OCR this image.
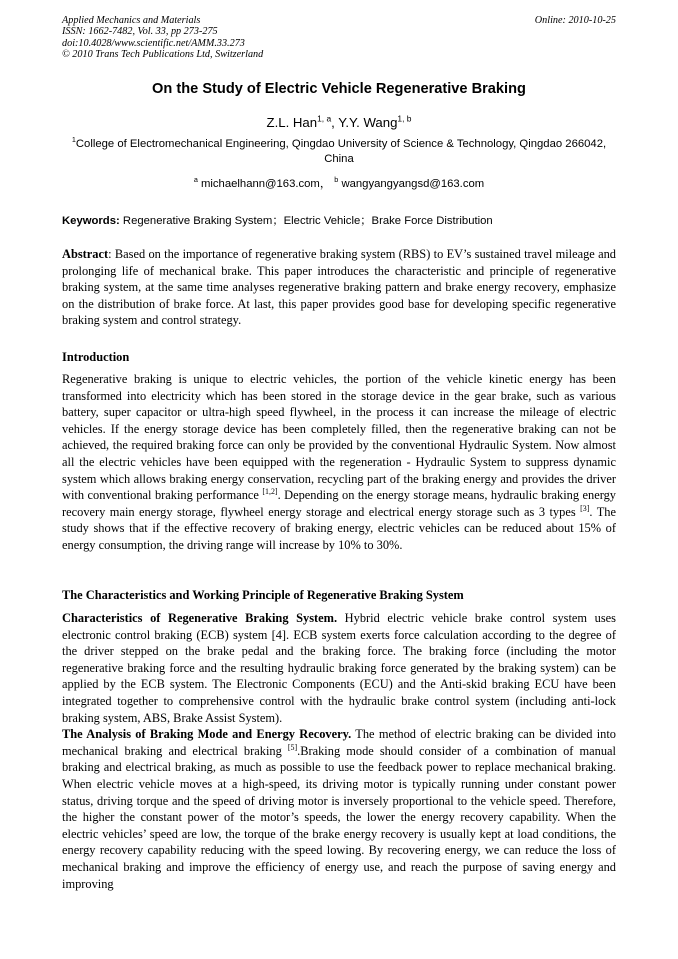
Applied Mechanics and Materials	Online: 2010-10-25
ISSN: 1662-7482, Vol. 33, pp 273-275
doi:10.4028/www.scientific.net/AMM.33.273
© 2010 Trans Tech Publications Ltd, Switzerland
On the Study of Electric Vehicle Regenerative Braking
Z.L. Han$^{1, a}$, Y.Y. Wang$^{1, b}$
$^1$College of Electromechanical Engineering, Qingdao University of Science & Technology, Qingdao 266042, China
$^a$ michaelhann@163.com， $^b$ wangyangyangsd@163.com
Keywords: Regenerative Braking System；Electric Vehicle；Brake Force Distribution

Abstract: Based on the importance of regenerative braking system (RBS) to EV’s sustained travel mileage and prolonging life of mechanical brake. This paper introduces the characteristic and principle of regenerative braking system, at the same time analyses regenerative braking pattern and brake energy recovery, emphasize on the distribution of brake force. At last, this paper provides good base for developing specific regenerative braking system and control strategy.

Introduction

Regenerative braking is unique to electric vehicles, the portion of the vehicle kinetic energy has been transformed into electricity which has been stored in the storage device in the gear brake, such as various battery, super capacitor or ultra-high speed flywheel, in the process it can increase the mileage of electric vehicles. If the energy storage device has been completely filled, then the regenerative braking can not be achieved, the required braking force can only be provided by the conventional Hydraulic System. Now almost all the electric vehicles have been equipped with the regeneration - Hydraulic System to suppress dynamic system which allows braking energy conservation, recycling part of the braking energy and provides the driver with conventional braking performance [1,2]. Depending on the energy storage means, hydraulic braking energy recovery main energy storage, flywheel energy storage and electrical energy storage such as 3 types [3]. The study shows that if the effective recovery of braking energy, electric vehicles can be reduced about 15% of energy consumption, the driving range will increase by 10% to 30%.

The Characteristics and Working Principle of Regenerative Braking System

Characteristics of Regenerative Braking System. Hybrid electric vehicle brake control system uses electronic control braking (ECB) system [4]. ECB system exerts force calculation according to the degree of the driver stepped on the brake pedal and the braking force. The braking force (including the motor regenerative braking force and the resulting hydraulic braking force generated by the braking system) can be applied by the ECB system. The Electronic Components (ECU) and the Anti-skid braking ECU have been integrated together to comprehensive control with the hydraulic brake control system (including anti-lock braking system, ABS, Brake Assist System).

The Analysis of Braking Mode and Energy Recovery. The method of electric braking can be divided into mechanical braking and electrical braking [5].Braking mode should consider of a combination of manual braking and electrical braking, as much as possible to use the feedback power to replace mechanical braking. When electric vehicle moves at a high-speed, its driving motor is typically running under constant power status, driving torque and the speed of driving motor is inversely proportional to the vehicle speed. Therefore, the higher the constant power of the motor’s speeds, the lower the energy recovery capability. When the electric vehicles’ speed are low, the torque of the brake energy recovery is usually kept at load conditions, the energy recovery capability reducing with the speed lowing. By recovering energy, we can reduce the loss of mechanical braking and improve the efficiency of energy use, and reach the purpose of saving energy and improving
